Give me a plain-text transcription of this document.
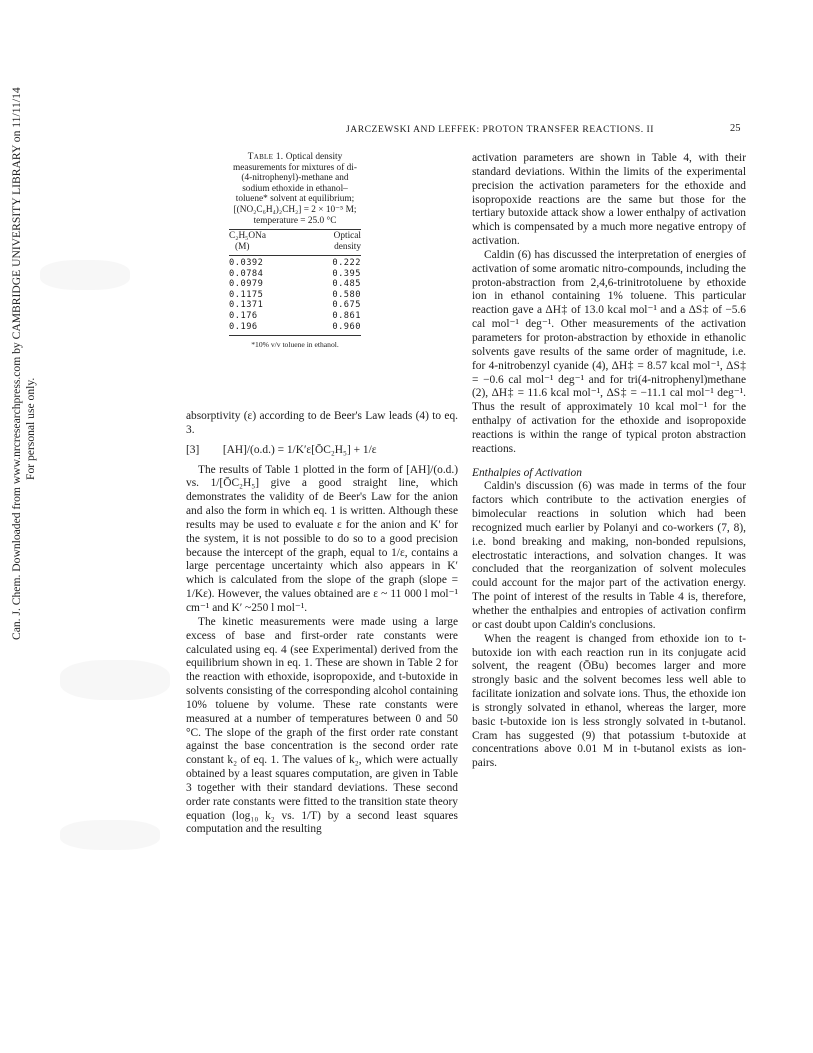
Can. J. Chem. Downloaded from www.nrcresearchpress.com by CAMBRIDGE UNIVERSITY LIBRARY on 11/11/14 For personal use only.
JARCZEWSKI AND LEFFEK: PROTON TRANSFER REACTIONS. II	25
Table 1. Optical density measurements for mixtures of di-(4-nitrophenyl)-methane and sodium ethoxide in ethanol–toluene* solvent at equilibrium; [(NO₂C₆H₄)₂CH₂] = 2 × 10⁻⁵ M; temperature = 25.0 °C
C₂H₅ONa
(M)
Optical
density
0.0392	0.222
0.0784	0.395
0.0979	0.485
0.1175	0.580
0.1371	0.675
0.176	0.861
0.196	0.960
*10% v/v toluene in ethanol.

absorptivity (ε) according to de Beer's Law leads (4) to eq. 3.

[3] [AH]/(o.d.) = 1/K′ε[ŌC₂H₅] + 1/ε

The results of Table 1 plotted in the form of [AH]/(o.d.) vs. 1/[ŌC₂H₅] give a good straight line, which demonstrates the validity of de Beer's Law for the anion and also the form in which eq. 1 is written. Although these results may be used to evaluate ε for the anion and K′ for the system, it is not possible to do so to a good precision because the intercept of the graph, equal to 1/ε, contains a large percentage uncertainty which also appears in K′ which is calculated from the slope of the graph (slope = 1/Kε). However, the values obtained are ε ~ 11 000 l mol⁻¹ cm⁻¹ and K′ ~250 l mol⁻¹.

The kinetic measurements were made using a large excess of base and first-order rate constants were calculated using eq. 4 (see Experimental) derived from the equilibrium shown in eq. 1. These are shown in Table 2 for the reaction with ethoxide, isopropoxide, and t-butoxide in solvents consisting of the corresponding alcohol containing 10% toluene by volume. These rate constants were measured at a number of temperatures between 0 and 50 °C. The slope of the graph of the first order rate constant against the base concentration is the second order rate constant k₂ of eq. 1. The values of k₂, which were actually obtained by a least squares computation, are given in Table 3 together with their standard deviations. These second order rate constants were fitted to the transition state theory equation (log₁₀ k₂ vs. 1/T) by a second least squares computation and the resulting

activation parameters are shown in Table 4, with their standard deviations. Within the limits of the experimental precision the activation parameters for the ethoxide and isopropoxide reactions are the same but those for the tertiary butoxide attack show a lower enthalpy of activation which is compensated by a much more negative entropy of activation.

Caldin (6) has discussed the interpretation of energies of activation of some aromatic nitro-compounds, including the proton-abstraction from 2,4,6-trinitrotoluene by ethoxide ion in ethanol containing 1% toluene. This particular reaction gave a ΔH‡ of 13.0 kcal mol⁻¹ and a ΔS‡ of −5.6 cal mol⁻¹ deg⁻¹. Other measurements of the activation parameters for proton-abstraction by ethoxide in ethanolic solvents gave results of the same order of magnitude, i.e. for 4-nitrobenzyl cyanide (4), ΔH‡ = 8.57 kcal mol⁻¹, ΔS‡ = −0.6 cal mol⁻¹ deg⁻¹ and for tri(4-nitrophenyl)methane (2), ΔH‡ = 11.6 kcal mol⁻¹, ΔS‡ = −11.1 cal mol⁻¹ deg⁻¹. Thus the result of approximately 10 kcal mol⁻¹ for the enthalpy of activation for the ethoxide and isopropoxide reactions is within the range of typical proton abstraction reactions.

Enthalpies of Activation

Caldin's discussion (6) was made in terms of the four factors which contribute to the activation energies of bimolecular reactions in solution which had been recognized much earlier by Polanyi and co-workers (7, 8), i.e. bond breaking and making, non-bonded repulsions, electrostatic interactions, and solvation changes. It was concluded that the reorganization of solvent molecules could account for the major part of the activation energy. The point of interest of the results in Table 4 is, therefore, whether the enthalpies and entropies of activation confirm or cast doubt upon Caldin's conclusions.

When the reagent is changed from ethoxide ion to t-butoxide ion with each reaction run in its conjugate acid solvent, the reagent (ŌBu) becomes larger and more strongly basic and the solvent becomes less well able to facilitate ionization and solvate ions. Thus, the ethoxide ion is strongly solvated in ethanol, whereas the larger, more basic t-butoxide ion is less strongly solvated in t-butanol. Cram has suggested (9) that potassium t-butoxide at concentrations above 0.01 M in t-butanol exists as ion-pairs.
